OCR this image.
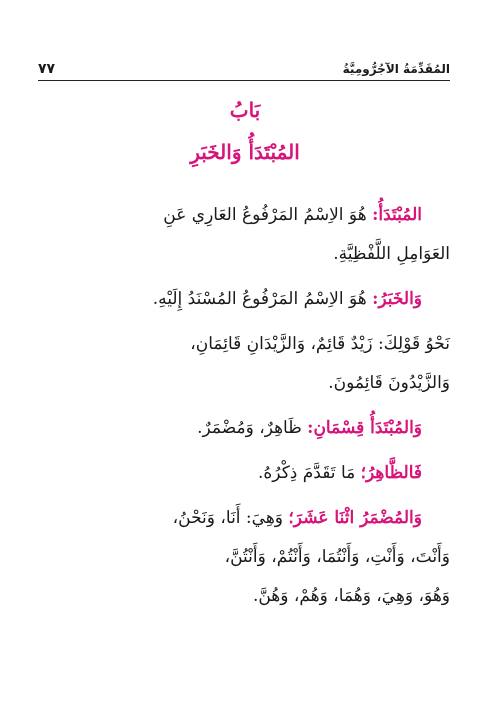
٧٧	المُقَدِّمَةُ الآجُرُّومِيَّةُ
بَابُ
المُبْتَدَأُ وَالخَبَرِ

المُبْتَدَأُ: هُوَ الاِسْمُ المَرْفُوعُ العَارِي عَنِ
العَوَامِلِ اللَّفْظِيَّةِ.

وَالخَبَرُ: هُوَ الاِسْمُ المَرْفُوعُ المُسْنَدُ إِلَيْهِ.

نَحْوُ قَوْلِكَ: زَيْدٌ قَائِمٌ، وَالزَّيْدَانِ قَائِمَانِ،
وَالزَّيْدُونَ قَائِمُونَ.

وَالمُبْتَدَأُ قِسْمَانِ: ظَاهِرٌ، وَمُضْمَرٌ.

فَالظَّاهِرُ؛ مَا تَقَدَّمَ ذِكْرُهُ.

وَالمُضْمَرُ اثْنَا عَشَرَ؛ وَهِيَ: أَنَا، وَنَحْنُ،
وَأَنْتَ، وَأَنْتِ، وَأَنْتُمَا، وَأَنْتُمْ، وَأَنْتُنَّ،
وَهُوَ، وَهِيَ، وَهُمَا، وَهُمْ، وَهُنَّ.
